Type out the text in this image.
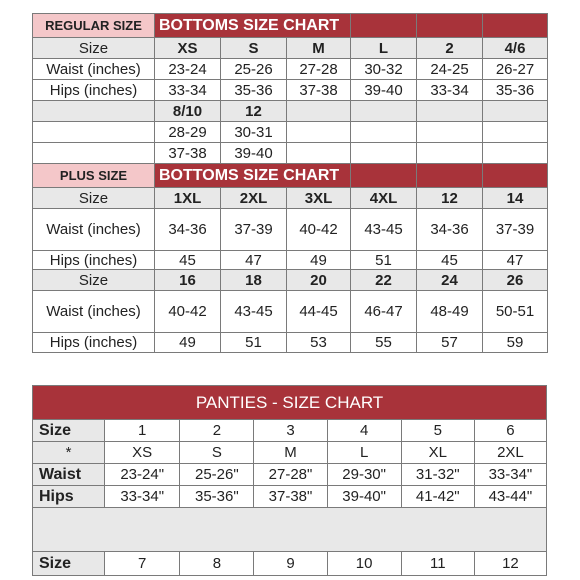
REGULAR SIZE	BOTTOMS SIZE CHART					
Size	XS	S	M	L	2	4/6
Waist (inches)	23-24	25-26	27-28	30-32	24-25	26-27
Hips (inches)	33-34	35-36	37-38	39-40	33-34	35-36
	8/10	12				
	28-29	30-31				
	37-38	39-40				
PLUS SIZE	BOTTOMS SIZE CHART					
Size	1XL	2XL	3XL	4XL	12	14
Waist (inches)	34-36	37-39	40-42	43-45	34-36	37-39
Hips (inches)	45	47	49	51	45	47
Size	16	18	20	22	24	26
Waist (inches)	40-42	43-45	44-45	46-47	48-49	50-51
Hips (inches)	49	51	53	55	57	59
PANTIES - SIZE CHART						
Size	1	2	3	4	5	6
*	XS	S	M	L	XL	2XL
Waist	23-24"	25-26"	27-28"	29-30"	31-32"	33-34"
Hips	33-34"	35-36"	37-38"	39-40"	41-42"	43-44"

Size	7	8	9	10	11	12
